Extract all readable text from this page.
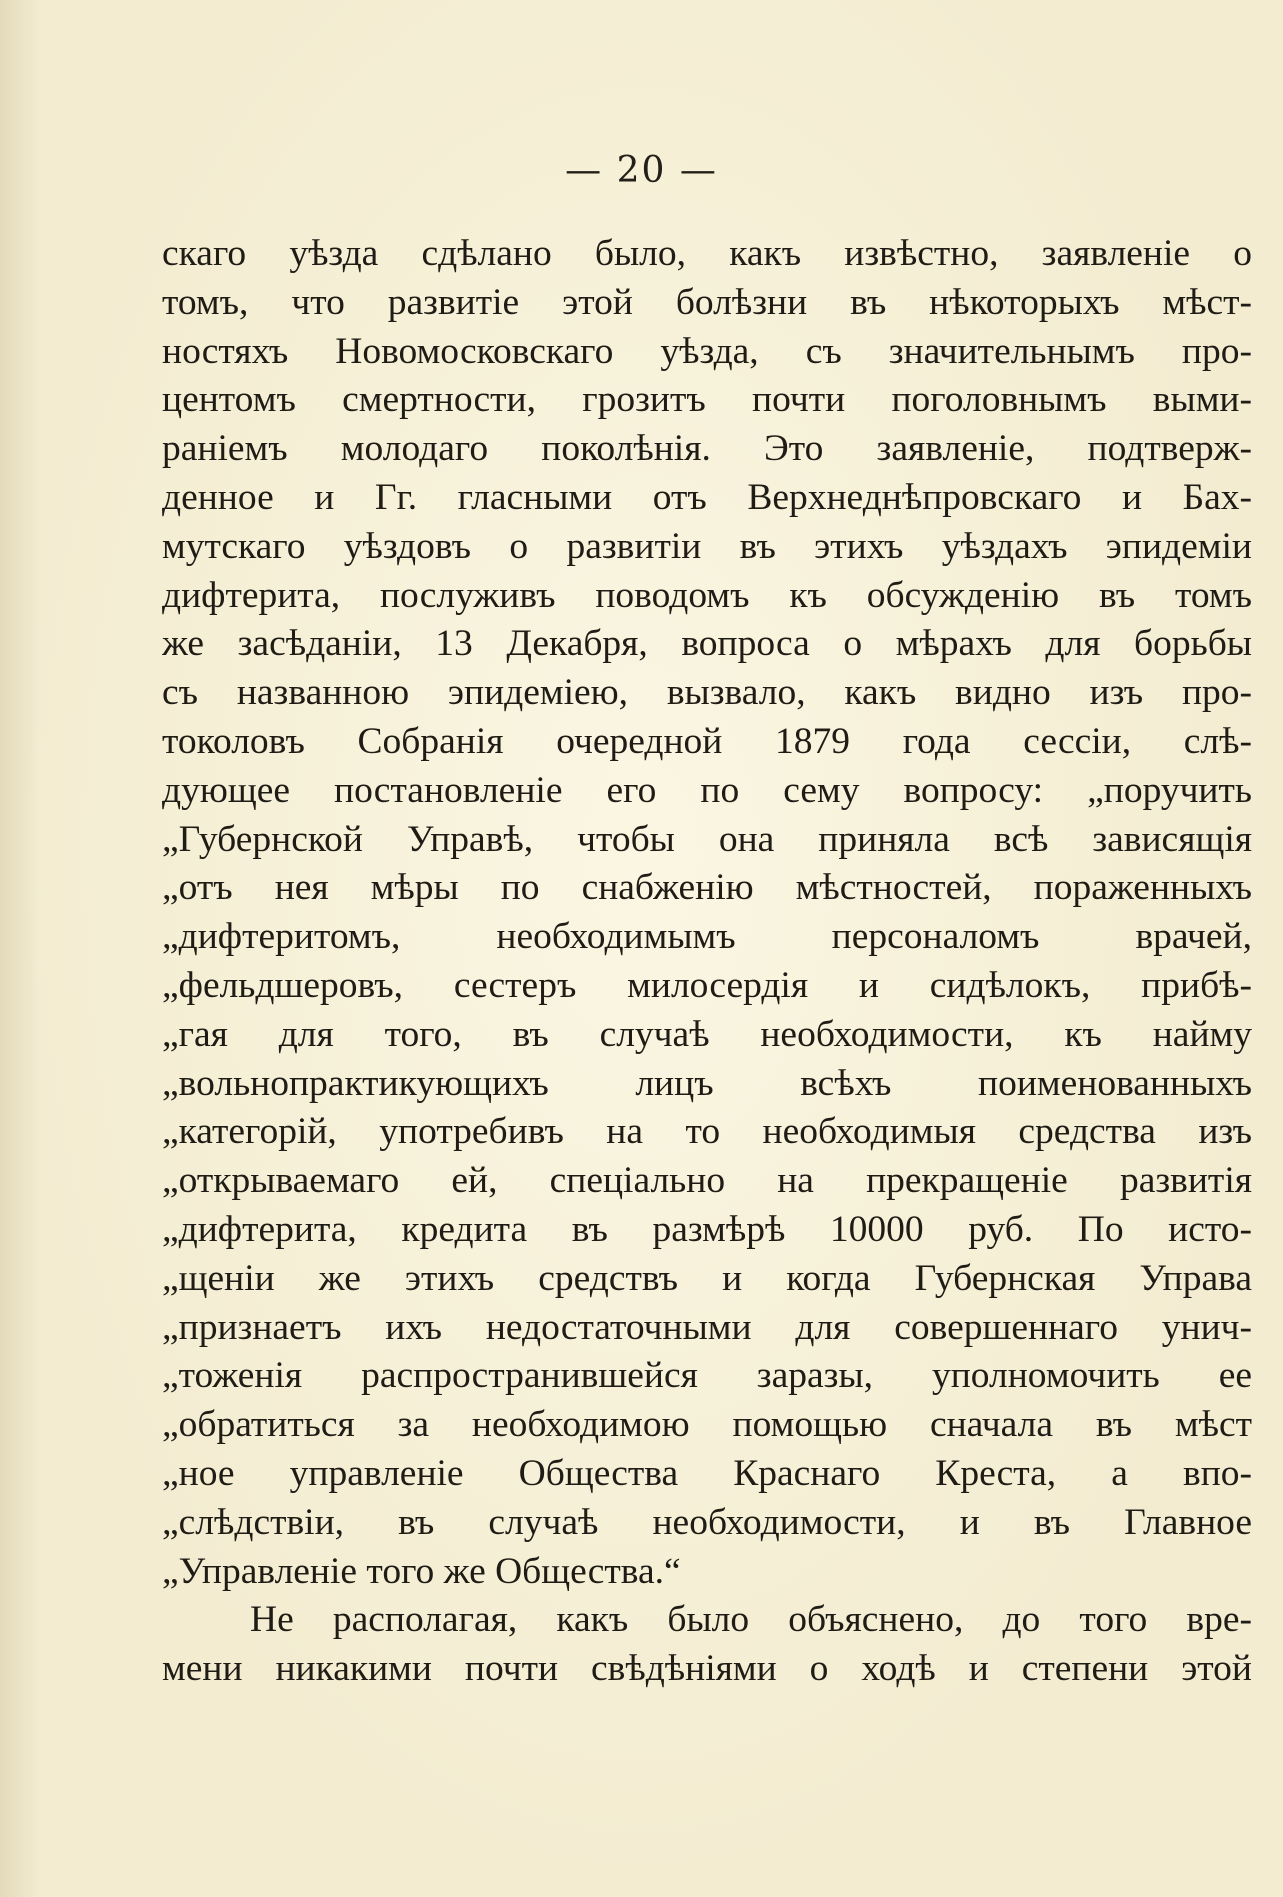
— 20 —
скаго уѣзда сдѣлано было, какъ извѣстно, заявленіе о
томъ, что развитіе этой болѣзни въ нѣкоторыхъ мѣст-
ностяхъ Новомосковскаго уѣзда, съ значительнымъ про-
центомъ смертности, грозитъ почти поголовнымъ выми-
раніемъ молодаго поколѣнія. Это заявленіе, подтверж-
денное и Гг. гласными отъ Верхнеднѣпровскаго и Бах-
мутскаго уѣздовъ о развитіи въ этихъ уѣздахъ эпидеміи
дифтерита, послуживъ поводомъ къ обсужденію въ томъ
же засѣданіи, 13 Декабря, вопроса о мѣрахъ для борьбы
съ названною эпидеміею, вызвало, какъ видно изъ про-
токоловъ Собранія очередной 1879 года сессіи, слѣ-
дующее постановленіе его по сему вопросу: „поручить
„Губернской Управѣ, чтобы она приняла всѣ зависящія
„отъ нея мѣры по снабженію мѣстностей, пораженныхъ
„дифтеритомъ, необходимымъ персоналомъ врачей,
„фельдшеровъ, сестеръ милосердія и сидѣлокъ, прибѣ-
„гая для того, въ случаѣ необходимости, къ найму
„вольнопрактикующихъ лицъ всѣхъ поименованныхъ
„категорій, употребивъ на то необходимыя средства изъ
„открываемаго ей, спеціально на прекращеніе развитія
„дифтерита, кредита въ размѣрѣ 10000 руб. По исто-
„щеніи же этихъ средствъ и когда Губернская Управа
„признаетъ ихъ недостаточными для совершеннаго унич-
„тоженія распространившейся заразы, уполномочить ее
„обратиться за необходимою помощью сначала въ мѣст
„ное управленіе Общества Краснаго Креста, а впо-
„слѣдствіи, въ случаѣ необходимости, и въ Главное
„Управленіе того же Общества.“
Не располагая, какъ было объяснено, до того вре-
мени никакими почти свѣдѣніями о ходѣ и степени этой
